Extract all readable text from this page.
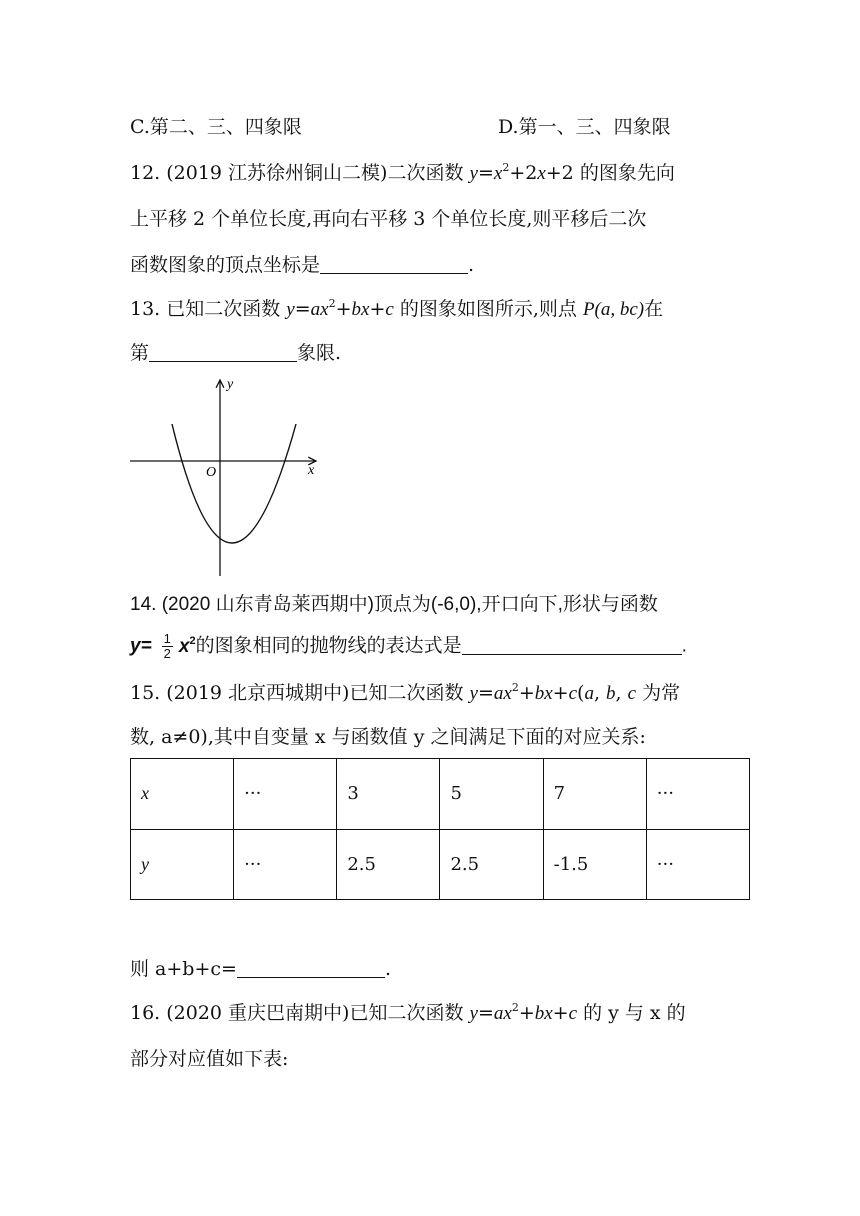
C.第二、三、四象限	D.第一、三、四象限
12. (2019 江苏徐州铜山二模)二次函数 $y=x^2+2x+2$ 的图象先向
上平移 2 个单位长度,再向右平移 3 个单位长度,则平移后二次
函数图象的顶点坐标是	.
13. 已知二次函数 $y=ax^2+bx+c$ 的图象如图所示,则点 P(a, bc)在
第	象限.
y
x
O
14. (2020 山东青岛莱西期中)顶点为(-6,0),开口向下,形状与函数
$y= \frac{1}{2} x^2$的图象相同的抛物线的表达式是	.
15. (2019 北京西城期中)已知二次函数 $y=ax^2+bx+c(a$, b, c 为常
数, a≠0),其中自变量 x 与函数值 y 之间满足下面的对应关系:
x	···	3	5	7	···
y	···	2.5	2.5	-1.5	···
则 a+b+c=	.
16. (2020 重庆巴南期中)已知二次函数 $y=ax^2+bx+c$ 的 y 与 x 的
部分对应值如下表:
